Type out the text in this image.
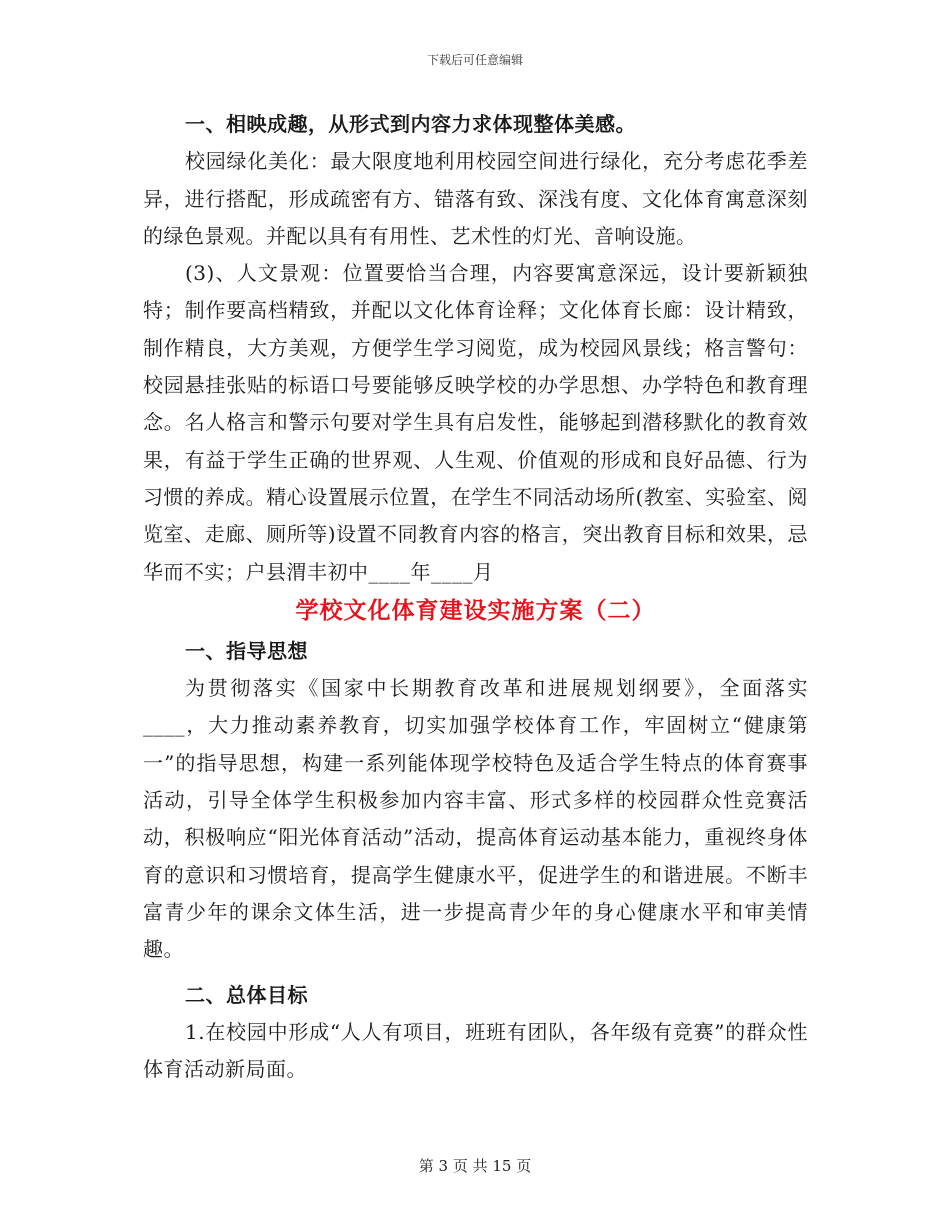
下载后可任意编辑

一、相映成趣，从形式到内容力求体现整体美感。

校园绿化美化：最大限度地利用校园空间进行绿化，充分考虑花季差异，进行搭配，形成疏密有方、错落有致、深浅有度、文化体育寓意深刻的绿色景观。并配以具有有用性、艺术性的灯光、音响设施。

(3)、人文景观：位置要恰当合理，内容要寓意深远，设计要新颖独特；制作要高档精致，并配以文化体育诠释；文化体育长廊：设计精致，制作精良，大方美观，方便学生学习阅览，成为校园风景线；格言警句：校园悬挂张贴的标语口号要能够反映学校的办学思想、办学特色和教育理念。名人格言和警示句要对学生具有启发性，能够起到潜移默化的教育效果，有益于学生正确的世界观、人生观、价值观的形成和良好品德、行为习惯的养成。精心设置展示位置，在学生不同活动场所(教室、实验室、阅览室、走廊、厕所等)设置不同教育内容的格言，突出教育目标和效果，忌华而不实；户县渭丰初中____年____月

学校文化体育建设实施方案（二）

一、指导思想

为贯彻落实《国家中长期教育改革和进展规划纲要》，全面落实____，大力推动素养教育，切实加强学校体育工作，牢固树立“健康第一”的指导思想，构建一系列能体现学校特色及适合学生特点的体育赛事活动，引导全体学生积极参加内容丰富、形式多样的校园群众性竞赛活动，积极响应“阳光体育活动”活动，提高体育运动基本能力，重视终身体育的意识和习惯培育，提高学生健康水平，促进学生的和谐进展。不断丰富青少年的课余文体生活，进一步提高青少年的身心健康水平和审美情趣。

二、总体目标

1.在校园中形成“人人有项目，班班有团队，各年级有竞赛”的群众性体育活动新局面。

第 3 页 共 15 页
